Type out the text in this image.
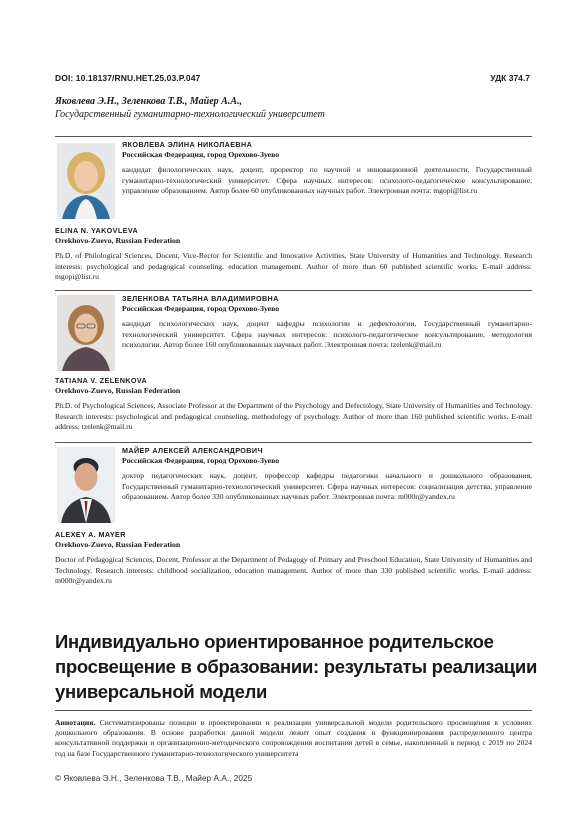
DOI: 10.18137/RNU.HET.25.03.P.047	УДК 374.7
Яковлева Э.Н., Зеленкова Т.В., Майер А.А.,
Государственный гуманитарно-технологический университет
ЯКОВЛЕВА ЭЛИНА НИКОЛАЕВНА
Российская Федерация, город Орехово-Зуево
кандидат филологических наук, доцент, проректор по научной и инновационной деятельности, Государственный гуманитарно-технологический университет. Сфера научных интересов: психолого-педагогическое консультирование, управление образованием. Автор более 60 опубликованных научных работ. Электронная почта: mgopi@list.ru
ELINA N. YAKOVLEVA
Orekhovo-Zuevo, Russian Federation
Ph.D. of Philological Sciences, Docent, Vice-Rector for Scientific and Innovative Activities, State University of Humanities and Technology. Research interests: psychological and pedagogical counseling, education management. Author of more than 60 published scientific works. E-mail address: mgopi@list.ru
ЗЕЛЕНКОВА ТАТЬЯНА ВЛАДИМИРОВНА
Российская Федерация, город Орехово-Зуево
кандидат психологических наук, доцент кафедры психологии и дефектологии, Государственный гуманитарно-технологический университет. Сфера научных интересов: психолого-педагогическое консультирование, методология психологии. Автор более 160 опубликованных научных работ. Электронная почта: tzelenk@mail.ru
TATIANA V. ZELENKOVA
Orekhovo-Zuevo, Russian Federation
Ph.D. of Psychological Sciences, Associate Professor at the Department of the Psychology and Defectology, State University of Humanities and Technology. Research interests: psychological and pedagogical counseling, methodology of psychology. Author of more than 160 published scientific works. E-mail address: tzelenk@mail.ru
МАЙЕР АЛЕКСЕЙ АЛЕКСАНДРОВИЧ
Российская Федерация, город Орехово-Зуево
доктор педагогических наук, доцент, профессор кафедры педагогики начального и дошкольного образования, Государственный гуманитарно-технологический университет. Сфера научных интересов: социализация детства, управление образованием. Автор более 330 опубликованных научных работ. Электронная почта: m000r@yandex.ru
ALEXEY A. MAYER
Orekhovo-Zuevo, Russian Federation
Doctor of Pedagogical Sciences, Docent, Professor at the Department of Pedagogy of Primary and Preschool Education, State University of Humanities and Technology. Research interests: childhood socialization, education management. Author of more than 330 published scientific works. E-mail address: m000r@yandex.ru
Индивидуально ориентированное родительское просвещение в образовании: результаты реализации универсальной модели
Аннотация. Систематизированы позиции в проектировании и реализации универсальной модели родительского просвещения в условиях дошкольного образования. В основе разработки данной модели лежит опыт создания и функционирования распределенного центра консультативной поддержки и организационно-методического сопровождения воспитания детей в семье, накопленный в период с 2019 по 2024 год на базе Государственного гуманитарно-технологического университета
© Яковлева Э.Н., Зеленкова Т.В., Майер А.А., 2025
